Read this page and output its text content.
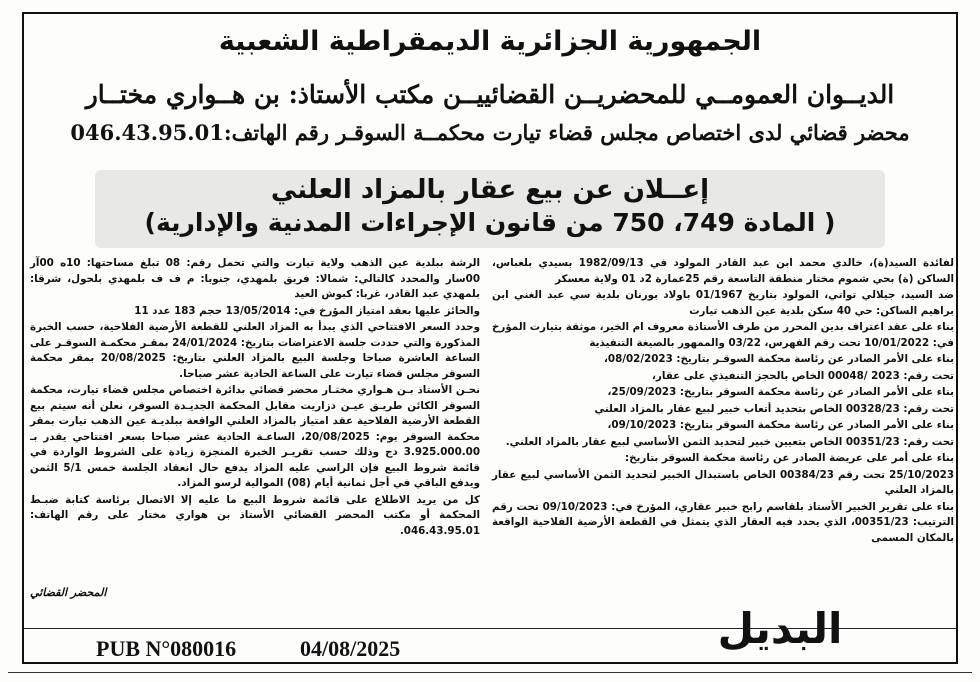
الجمهورية الجزائرية الديمقراطية الشعبية
الديــوان العمومــي للمحضريــن القضائييــن مكتب الأستاذ: بن هــواري مختــار
محضر قضائي لدى اختصاص مجلس قضاء تيارت محكمــة السوقـر رقم الهاتف:046.43.95.01
إعــلان عن بيع عقار بالمزاد العلني
( المادة 749، 750 من قانون الإجراءات المدنية والإدارية)

لفائدة السيد(ة)، خالدي محمد ابن عبد القادر المولود في 1982/09/13 بسيدي بلعباس، الساكن (ة) بحي شموم مختار منطقة التاسعة رقم 25عمارة 2د 01 ولاية معسكر

ضد السيد، جيلالي تواتي، المولود بتاريخ 01/1967 باولاد بورنان بلدية سي عبد الغني ابن براهيم الساكن: حي 40 سكن بلدية عين الذهب تيارت

بناء على عقد اعتراف بدين المحرر من طرف الأستاذة معروف ام الخير، موثقة بتيارت المؤرخ في: 10/01/2022 تحت رقم الفهرس، 03/22 والممهور بالصيغة التنفيذية

بناء على الأمر الصادر عن رئاسة محكمة السوقـر بتاريخ: 08/02/2023،

تحت رقم: 2023 /00048 الخاص بالحجز التنفيذي على عقار،

بناء على الأمر الصادر عن رئاسة محكمة السوقر بتاريخ: 25/09/2023،

تحت رقم: 00328/23 الخاص بتحديد أتعاب خبير لبيع عقار بالمزاد العلني

بناء على الأمر الصادر عن رئاسة محكمة السوقر بتاريخ: 09/10/2023،

تحت رقم: 00351/23 الخاص بتعيين خبير لتحديد الثمن الأساسي لبيع عقار بالمزاد العلني.

بناء على أمر على عريضة الصادر عن رئاسة محكمة السوقر بتاريخ:

25/10/2023 تحت رقم 00384/23 الخاص باستبدال الخبير لتحديد الثمن الأساسي لبيع عقار بالمزاد العلني

بناء على تقرير الخبير الأستاذ بلقاسم رابح خبير عقاري، المؤرخ في: 09/10/2023 تحت رقم الترتيب: 00351/23، الذي يحدد فيه العقار الذي يتمثل في القطعة الأرضية الفلاحية الواقعة بالمكان المسمى

الرشة ببلدية عين الذهب ولاية تيارت والتي تحمل رقم: 08 تبلغ مساحتها: 10ه 00آر 00سار والمحدد كالتالي: شمالا: فريق بلمهدي، جنوبا: م ف ف بلمهدي بلحول، شرقا: بلمهدي عبد القادر، غربا: كبوش العيد

والحائز عليها بعقد امتياز المؤرخ في: 13/05/2014 حجم 183 عدد 11

وحدد السعر الافتتاحي الذي يبدأ به المزاد العلني للقطعة الأرضية الفلاحية، حسب الخبرة المذكورة والتي حددت جلسة الاعتراضات بتاريخ: 24/01/2024 بمقـر محكمـة السوقـر على الساعة العاشرة صباحا وجلسة البيع بالمزاد العلني بتاريخ: 20/08/2025 بمقر محكمة السوقر مجلس قضاء تيارت على الساعة الحادية عشر صباحا.

نحـن الأستاذ بـن هـواري مختـار محضر قضائي بدائرة اختصاص مجلس قضاء تيارت، محكمة السوقر الكائن طريـق عيـن دزاريت مقابل المحكمة الجديـدة السوقر، نعلن أنه سيتم بيع القطعة الأرضية الفلاحية عقد امتياز بالمزاد العلني الواقعة ببلديـة عين الذهب تيارت بمقر محكمة السوقر يوم: 20/08/2025، الساعـة الحادية عشر صباحا بسعر افتتاحي يقدر بـ 3.925.000.00 دج وذلك حسب تقريـر الخبرة المنجزة زيادة على الشروط الواردة في قائمة شروط البيع فإن الراسي عليه المزاد يدفع حال انعقاد الجلسة خمس 5/1 الثمن ويدفع الباقي في أجل ثمانية أيام (08) الموالية لرسو المزاد.

كل من يريد الاطلاع على قائمة شروط البيع ما عليه إلا الاتصال برئاسة كتابة ضبـط المحكمة أو مكتب المحضر القضائي الأستاذ بن هواري مختار على رقم الهاتف: 046.43.95.01.

المحضر القضائي
البديل
04/08/2025
PUB N°080016
